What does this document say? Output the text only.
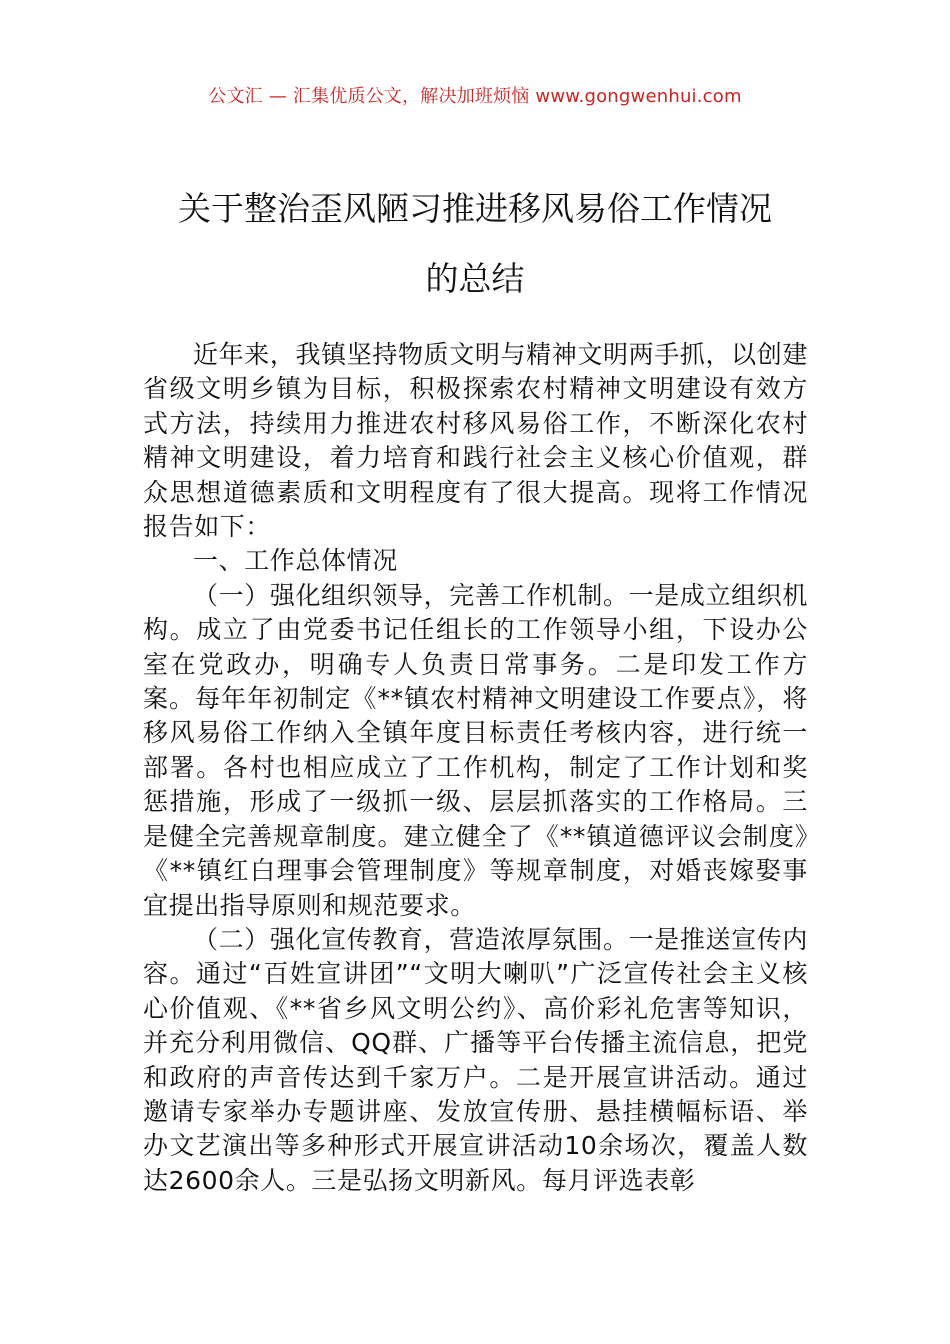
公文汇 — 汇集优质公文，解决加班烦恼 www.gongwenhui.com
关于整治歪风陋习推进移风易俗工作情况
的总结

近年来，我镇坚持物质文明与精神文明两手抓，以创建省级文明乡镇为目标，积极探索农村精神文明建设有效方式方法，持续用力推进农村移风易俗工作，不断深化农村精神文明建设，着力培育和践行社会主义核心价值观，群众思想道德素质和文明程度有了很大提高。现将工作情况报告如下：

一、工作总体情况

（一）强化组织领导，完善工作机制。一是成立组织机构。成立了由党委书记任组长的工作领导小组，下设办公室在党政办，明确专人负责日常事务。二是印发工作方案。每年年初制定《**镇农村精神文明建设工作要点》，将移风易俗工作纳入全镇年度目标责任考核内容，进行统一部署。各村也相应成立了工作机构，制定了工作计划和奖惩措施，形成了一级抓一级、层层抓落实的工作格局。三是健全完善规章制度。建立健全了《**镇道德评议会制度》《**镇红白理事会管理制度》等规章制度，对婚丧嫁娶事宜提出指导原则和规范要求。

（二）强化宣传教育，营造浓厚氛围。一是推送宣传内容。通过“百姓宣讲团”“文明大喇叭”广泛宣传社会主义核心价值观、《**省乡风文明公约》、高价彩礼危害等知识，并充分利用微信、QQ群、广播等平台传播主流信息，把党和政府的声音传达到千家万户。二是开展宣讲活动。通过邀请专家举办专题讲座、发放宣传册、悬挂横幅标语、举办文艺演出等多种形式开展宣讲活动10余场次，覆盖人数达2600余人。三是弘扬文明新风。每月评选表彰
